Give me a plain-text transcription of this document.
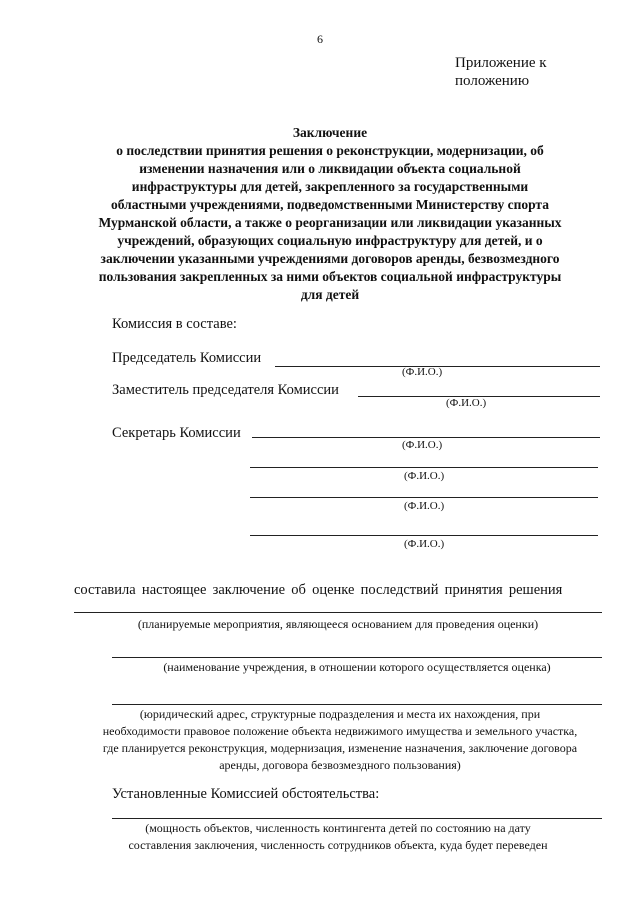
6
Приложение к
положению
Заключение
о последствии принятия решения о реконструкции, модернизации, об
изменении назначения или о ликвидации объекта социальной
инфраструктуры для детей, закрепленного за государственными
областными учреждениями, подведомственными Министерству спорта
Мурманской области, а также о реорганизации или ликвидации указанных
учреждений, образующих социальную инфраструктуру для детей, и о
заключении указанными учреждениями договоров аренды, безвозмездного
пользования закрепленных за ними объектов социальной инфраструктуры
для детей
Комиссия в составе:
Председатель Комиссии
(Ф.И.О.)
Заместитель председателя Комиссии
(Ф.И.О.)
Секретарь Комиссии
(Ф.И.О.)
(Ф.И.О.)
(Ф.И.О.)
(Ф.И.О.)
составила настоящее заключение об оценке последствий принятия решения
(планируемые мероприятия, являющееся основанием для проведения оценки)
(наименование учреждения, в отношении которого осуществляется оценка)
(юридический адрес, структурные подразделения и места их нахождения, при
необходимости правовое положение объекта недвижимого имущества и земельного участка,
где планируется реконструкция, модернизация, изменение назначения, заключение договора
аренды, договора безвозмездного пользования)
Установленные Комиссией обстоятельства:
(мощность объектов, численность контингента детей по состоянию на дату
составления заключения, численность сотрудников объекта, куда будет переведен
